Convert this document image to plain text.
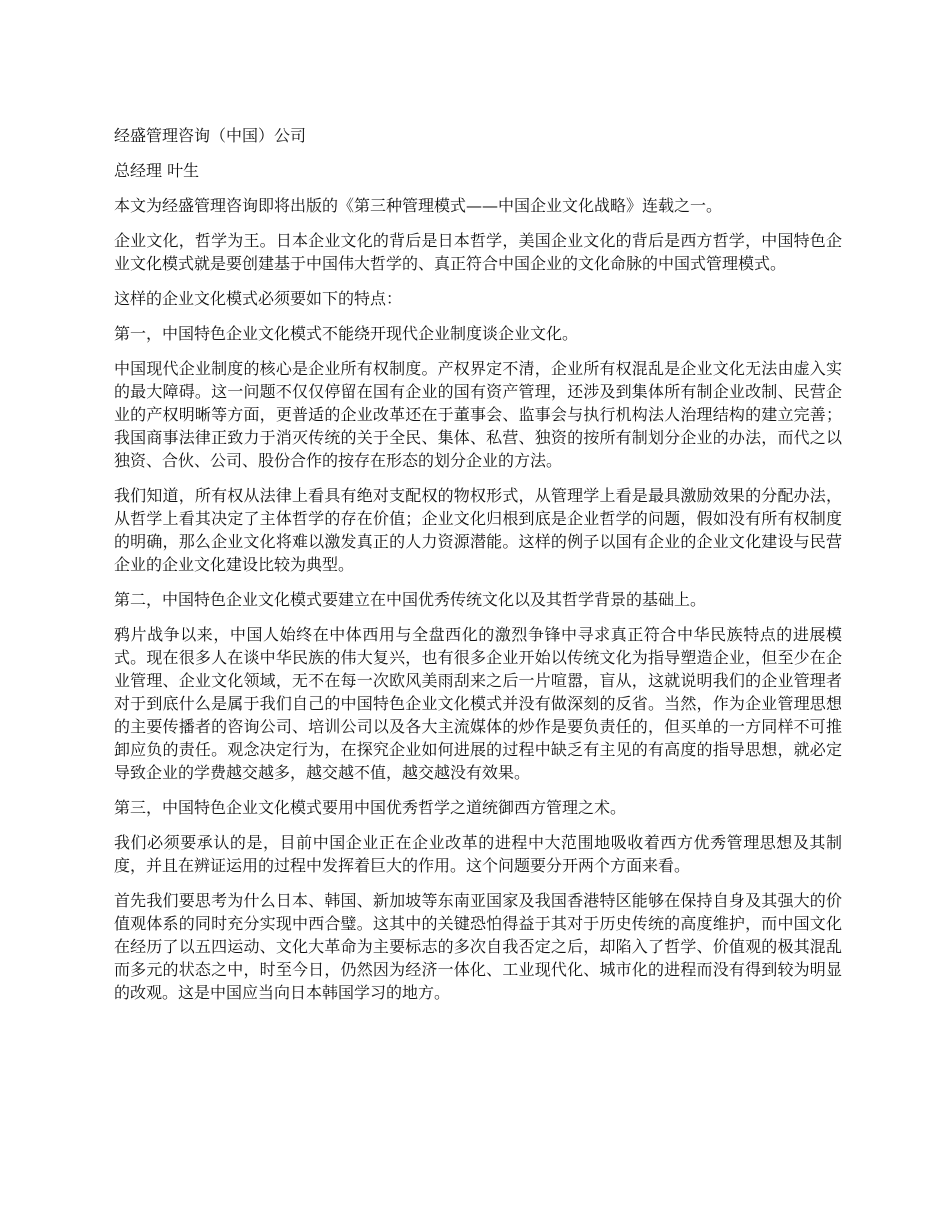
经盛管理咨询（中国）公司

总经理 叶生

本文为经盛管理咨询即将出版的《第三种管理模式——中国企业文化战略》连载之一。

企业文化，哲学为王。日本企业文化的背后是日本哲学，美国企业文化的背后是西方哲学，中国特色企业文化模式就是要创建基于中国伟大哲学的、真正符合中国企业的文化命脉的中国式管理模式。

这样的企业文化模式必须要如下的特点：

第一，中国特色企业文化模式不能绕开现代企业制度谈企业文化。

中国现代企业制度的核心是企业所有权制度。产权界定不清，企业所有权混乱是企业文化无法由虚入实的最大障碍。这一问题不仅仅停留在国有企业的国有资产管理，还涉及到集体所有制企业改制、民营企业的产权明晰等方面，更普适的企业改革还在于董事会、监事会与执行机构法人治理结构的建立完善；我国商事法律正致力于消灭传统的关于全民、集体、私营、独资的按所有制划分企业的办法，而代之以独资、合伙、公司、股份合作的按存在形态的划分企业的方法。

我们知道，所有权从法律上看具有绝对支配权的物权形式，从管理学上看是最具激励效果的分配办法，从哲学上看其决定了主体哲学的存在价值；企业文化归根到底是企业哲学的问题，假如没有所有权制度的明确，那么企业文化将难以激发真正的人力资源潜能。这样的例子以国有企业的企业文化建设与民营企业的企业文化建设比较为典型。

第二，中国特色企业文化模式要建立在中国优秀传统文化以及其哲学背景的基础上。

鸦片战争以来，中国人始终在中体西用与全盘西化的激烈争锋中寻求真正符合中华民族特点的进展模式。现在很多人在谈中华民族的伟大复兴，也有很多企业开始以传统文化为指导塑造企业，但至少在企业管理、企业文化领域，无不在每一次欧风美雨刮来之后一片喧嚣，盲从，这就说明我们的企业管理者对于到底什么是属于我们自己的中国特色企业文化模式并没有做深刻的反省。当然，作为企业管理思想的主要传播者的咨询公司、培训公司以及各大主流媒体的炒作是要负责任的，但买单的一方同样不可推卸应负的责任。观念决定行为，在探究企业如何进展的过程中缺乏有主见的有高度的指导思想，就必定导致企业的学费越交越多，越交越不值，越交越没有效果。

第三，中国特色企业文化模式要用中国优秀哲学之道统御西方管理之术。

我们必须要承认的是，目前中国企业正在企业改革的进程中大范围地吸收着西方优秀管理思想及其制度，并且在辨证运用的过程中发挥着巨大的作用。这个问题要分开两个方面来看。

首先我们要思考为什么日本、韩国、新加坡等东南亚国家及我国香港特区能够在保持自身及其强大的价值观体系的同时充分实现中西合璧。这其中的关键恐怕得益于其对于历史传统的高度维护，而中国文化在经历了以五四运动、文化大革命为主要标志的多次自我否定之后，却陷入了哲学、价值观的极其混乱而多元的状态之中，时至今日，仍然因为经济一体化、工业现代化、城市化的进程而没有得到较为明显的改观。这是中国应当向日本韩国学习的地方。
